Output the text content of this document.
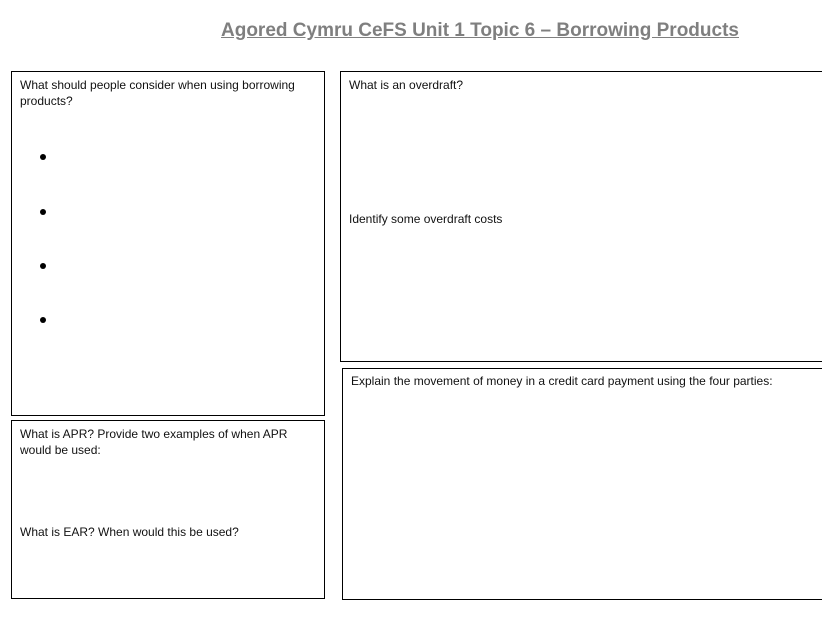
Agored Cymru CeFS Unit 1 Topic 6 – Borrowing Products

What should people consider when using borrowing products?

What is an overdraft?

Identify some overdraft costs

Explain the movement of money in a credit card payment using the four parties:

What is APR? Provide two examples of when APR would be used:

What is EAR? When would this be used?
